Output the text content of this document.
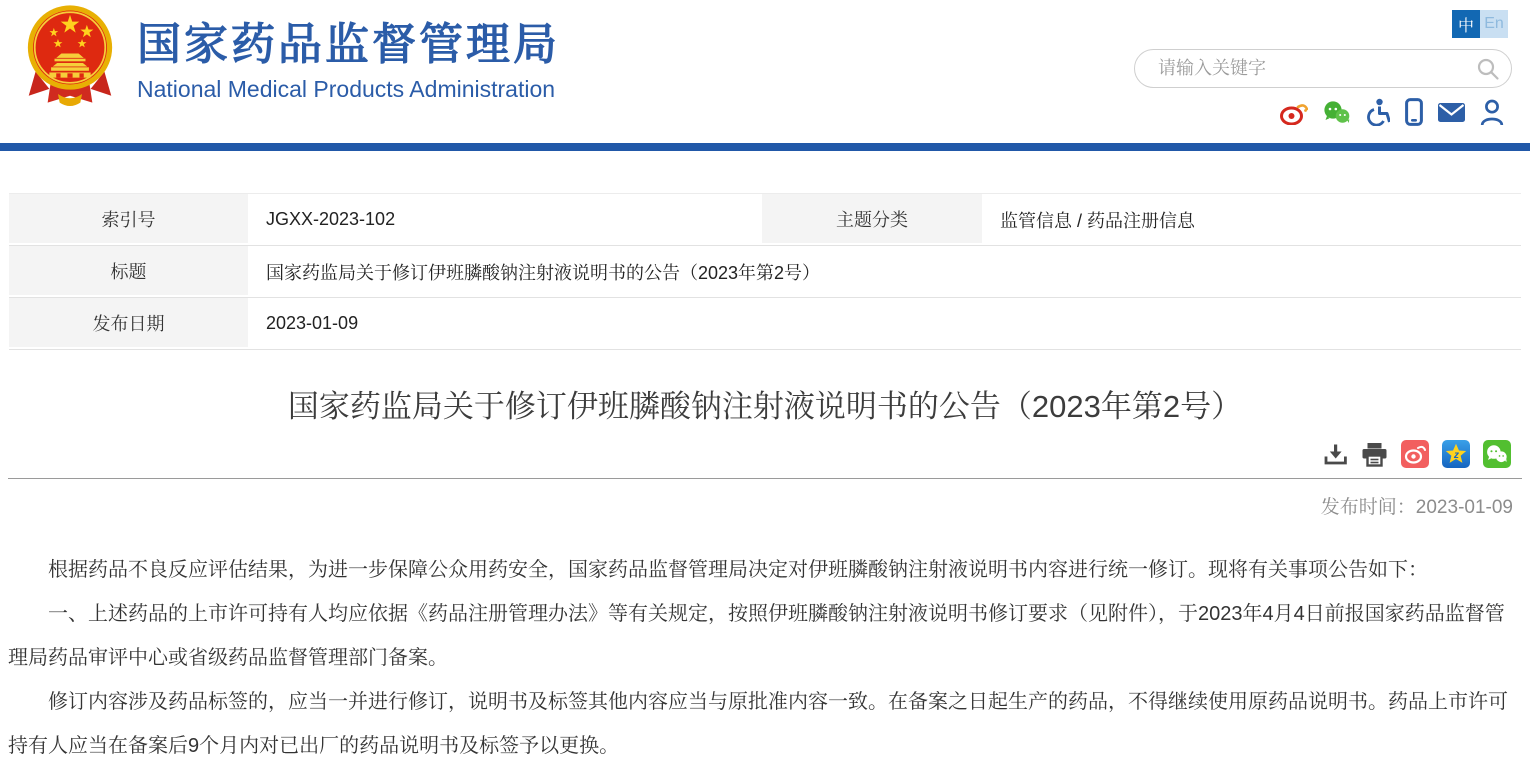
国家药品监督管理局
National Medical Products Administration
中 En
请输入关键字
索引号	JGXX-2023-102	主题分类	监管信息 / 药品注册信息
标题	国家药监局关于修订伊班膦酸钠注射液说明书的公告（2023年第2号）
发布日期	2023-01-09
国家药监局关于修订伊班膦酸钠注射液说明书的公告（2023年第2号）
z
发布时间：2023-01-09

根据药品不良反应评估结果，为进一步保障公众用药安全，国家药品监督管理局决定对伊班膦酸钠注射液说明书内容进行统一修订。现将有关事项公告如下：

一、上述药品的上市许可持有人均应依据《药品注册管理办法》等有关规定，按照伊班膦酸钠注射液说明书修订要求（见附件），于2023年4月4日前报国家药品监督管理局药品审评中心或省级药品监督管理部门备案。

修订内容涉及药品标签的，应当一并进行修订，说明书及标签其他内容应当与原批准内容一致。在备案之日起生产的药品，不得继续使用原药品说明书。药品上市许可持有人应当在备案后9个月内对已出厂的药品说明书及标签予以更换。
